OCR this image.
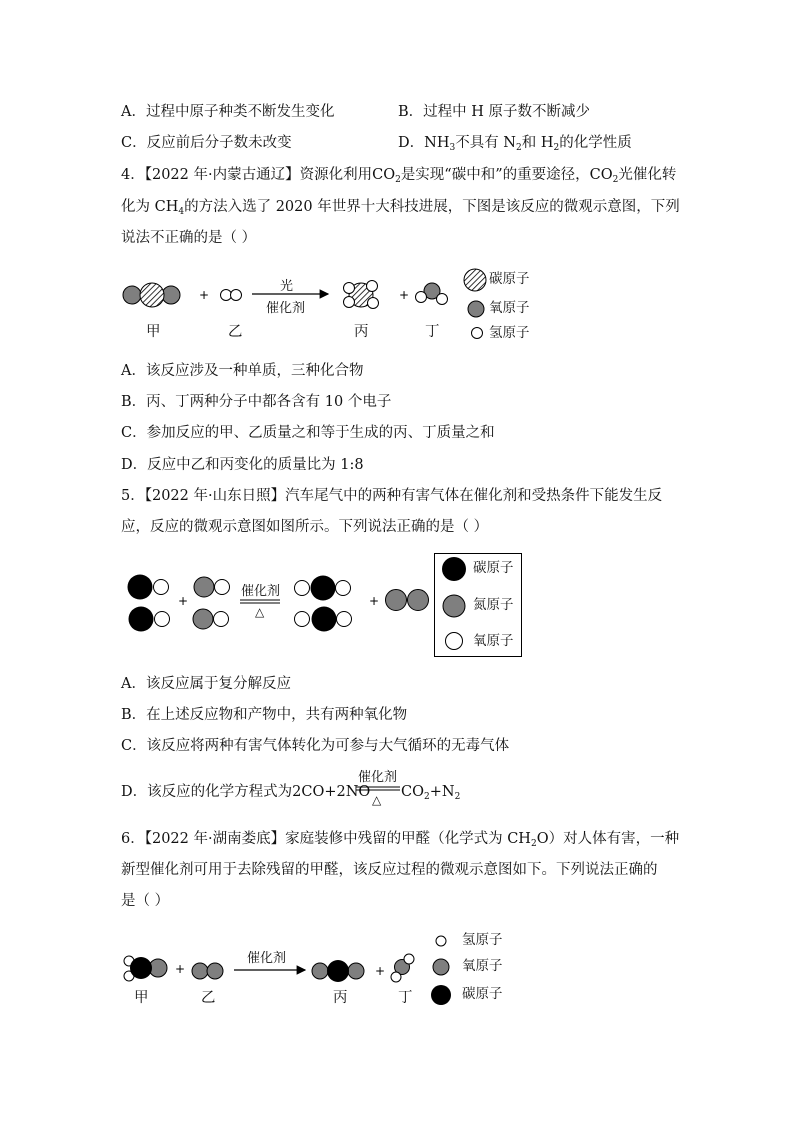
A．过程中原子种类不断发生变化	B．过程中 H 原子数不断减少
C．反应前后分子数未改变	D．$NH_3$不具有 $N_2$和 $H_2$的化学性质
4．【2022 年·内蒙古通辽】资源化利用$CO_2$是实现“碳中和”的重要途径，$CO_2$光催化转
化为 $CH_4$的方法入选了 2020 年世界十大科技进展，下图是该反应的微观示意图，下列
说法不正确的是（ ）
+	+
光
催化剂
甲	乙	丙	丁
碳原子
氧原子
氢原子
A．该反应涉及一种单质，三种化合物
B．丙、丁两种分子中都各含有 10 个电子
C．参加反应的甲、乙质量之和等于生成的丙、丁质量之和
D．反应中乙和丙变化的质量比为 1:8
5．【2022 年·山东日照】汽车尾气中的两种有害气体在催化剂和受热条件下能发生反
应，反应的微观示意图如图所示。下列说法正确的是（ ）
+	+
催化剂
△
碳原子
氮原子
氧原子
A．该反应属于复分解反应
B．在上述反应物和产物中，共有两种氧化物
C．该反应将两种有害气体转化为可参与大气循环的无毒气体
D．该反应的化学方程式为2CO+2NO
催化剂
△ $CO_2+N_2$
6．【2022 年·湖南娄底】家庭装修中残留的甲醛（化学式为 $CH_2O$）对人体有害，一种
新型催化剂可用于去除残留的甲醛，该反应过程的微观示意图如下。下列说法正确的
是（ ）
+	+
催化剂
甲	乙	丙	丁
氢原子
氧原子
碳原子
